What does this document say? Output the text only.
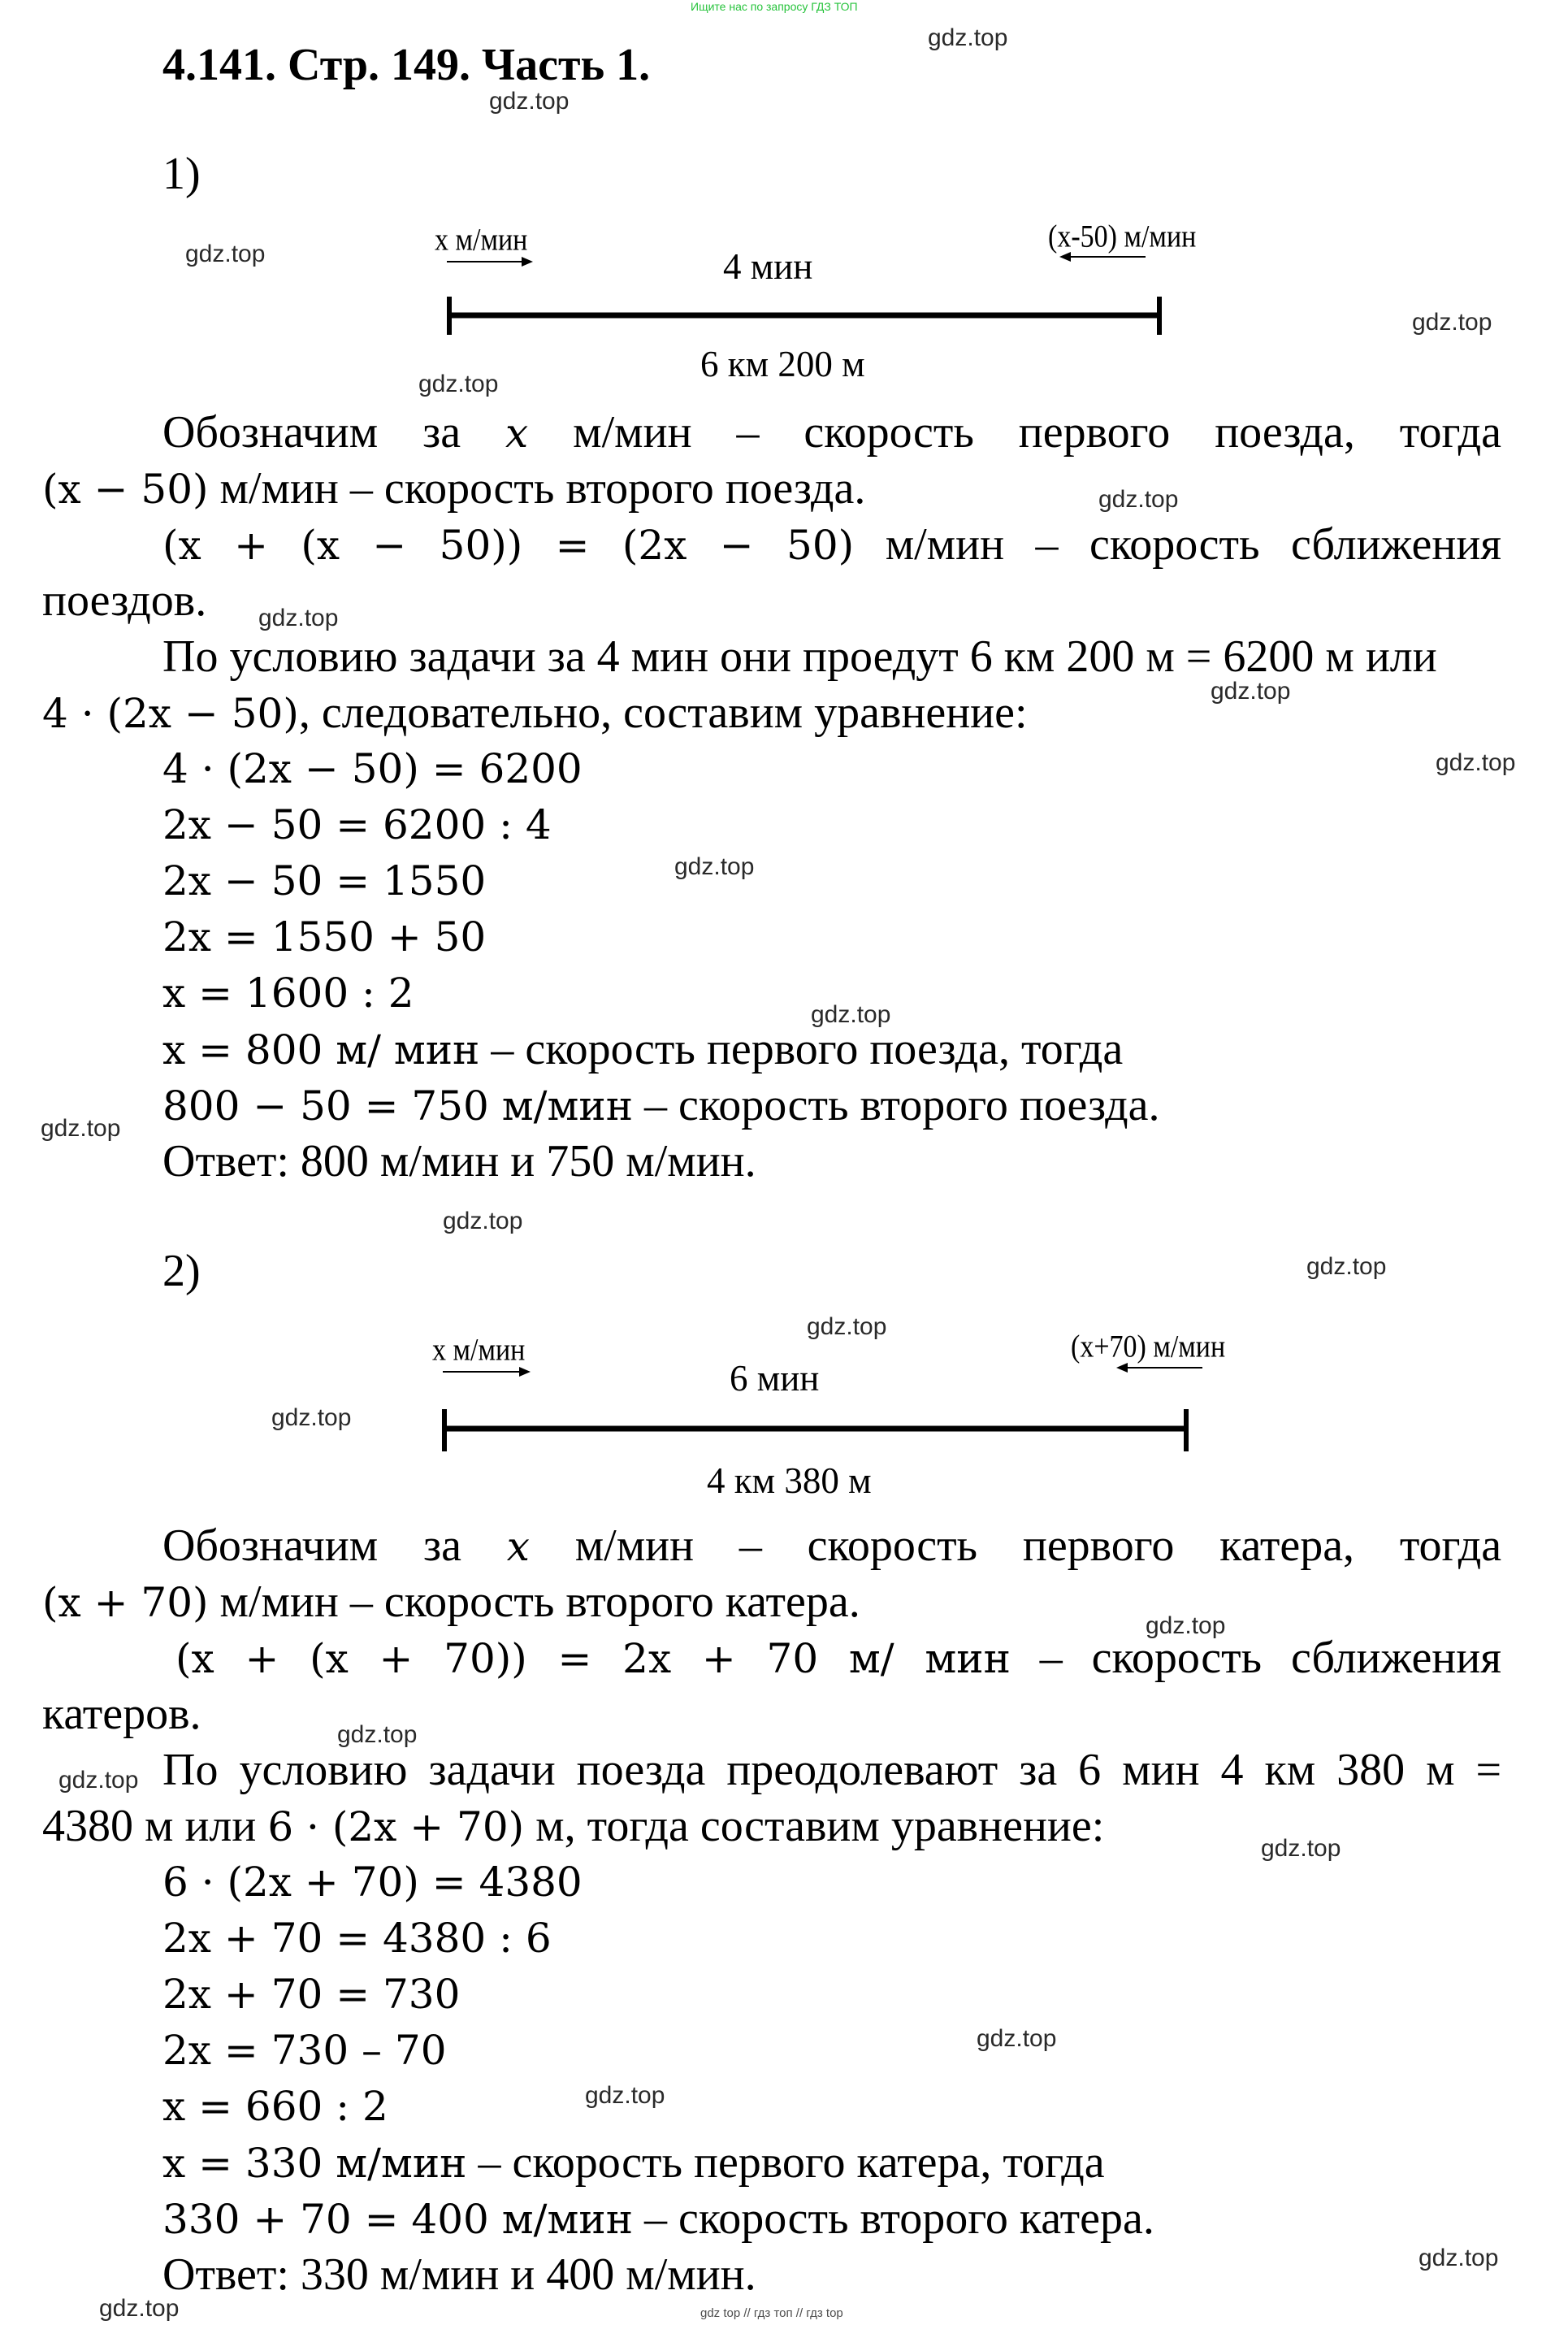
Ищите нас по запросу ГДЗ ТОП
4.141. Стр. 149. Часть 1.
gdz.top
gdz.top
gdz.top
gdz.top
gdz.top
gdz.top
gdz.top
gdz.top
gdz.top
gdz.top
gdz.top
gdz.top
gdz.top
gdz.top
gdz.top
gdz.top
gdz.top
gdz.top
gdz.top
gdz.top
gdz.top
gdz.top
gdz.top
gdz.top
1)
x м/мин	(x-50) м/мин
4 мин
6 км 200 м
Обозначим за x м/мин – скорость первого поезда, тогда
(x − 50) м/мин – скорость второго поезда.
(x + (x − 50)) = (2x − 50) м/мин – скорость сближения
поездов.
По условию задачи за 4 мин они проедут 6 км 200 м = 6200 м или
4 · (2x − 50), следовательно, составим уравнение:
4 · (2x − 50) = 6200
2x − 50 = 6200 : 4
2x − 50 = 1550
2x = 1550 + 50
x = 1600 : 2
x = 800 м/ мин – скорость первого поезда, тогда
800 − 50 = 750 м/мин – скорость второго поезда.
Ответ: 800 м/мин и 750 м/мин.
2)
x м/мин	(x+70) м/мин
6 мин
4 км 380 м
Обозначим за x м/мин – скорость первого катера, тогда
(x + 70) м/мин – скорость второго катера.
(x + (x + 70)) = 2x + 70 м/ мин – скорость сближения
катеров.
По условию задачи поезда преодолевают за 6 мин 4 км 380 м =
4380 м или 6 · (2x + 70) м, тогда составим уравнение:
6 · (2x + 70) = 4380
2x + 70 = 4380 : 6
2x + 70 = 730
2x = 730 – 70
x = 660 : 2
x = 330 м/мин – скорость первого катера, тогда
330 + 70 = 400 м/мин – скорость второго катера.
Ответ: 330 м/мин и 400 м/мин.
gdz top // гдз топ // гдз top
